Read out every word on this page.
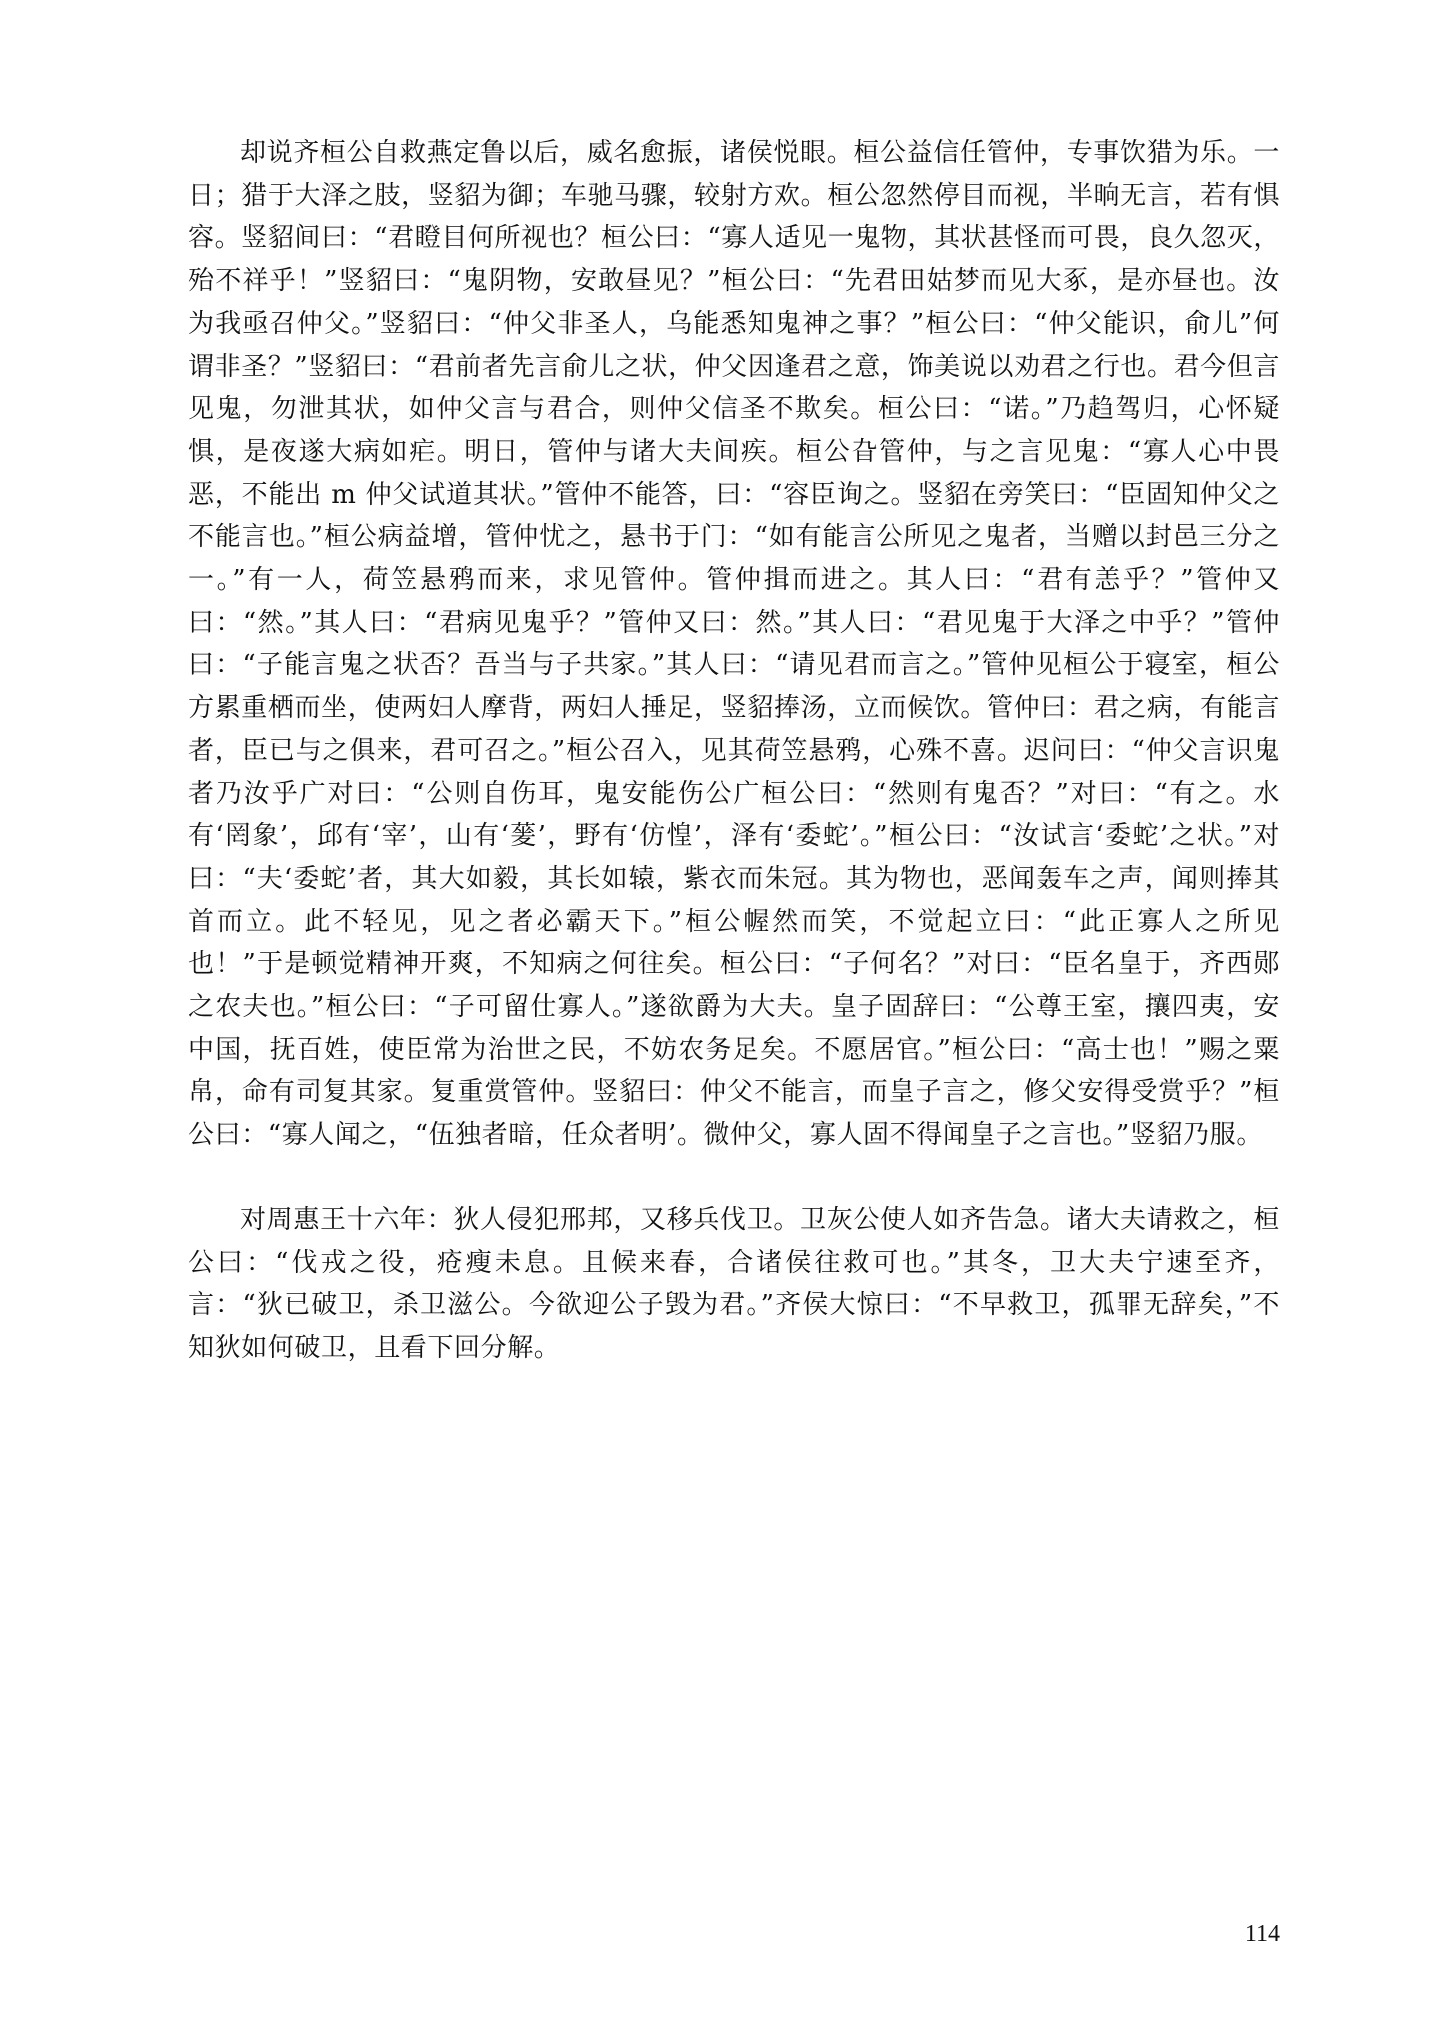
却说齐桓公自救燕定鲁以后，威名愈振，诸侯悦眼。桓公益信任管仲，专事饮猎为乐。一日；猎于大泽之肢，竖貂为御；车驰马骤，较射方欢。桓公忽然停目而视，半晌无言，若有惧容。竖貂间曰：“君瞪目何所视也？桓公曰：“寡人适见一鬼物，其状甚怪而可畏，良久忽灭，殆不祥乎！”竖貂曰：“鬼阴物，安敢昼见？”桓公曰：“先君田姑梦而见大豖，是亦昼也。汝为我亟召仲父。”竖貂曰：“仲父非圣人，乌能悉知鬼神之事？”桓公曰：“仲父能识，俞儿”何谓非圣？”竖貂曰：“君前者先言俞儿之状，仲父因逢君之意，饰美说以劝君之行也。君今但言见鬼，勿泄其状，如仲父言与君合，则仲父信圣不欺矣。桓公曰：“诺。”乃趋驾归，心怀疑惧，是夜遂大病如疟。明日，管仲与诸大夫间疾。桓公旮管仲，与之言见鬼：“寡人心中畏恶，不能出 m 仲父试道其状。”管仲不能答，曰：“容臣询之。竖貂在旁笑曰：“臣固知仲父之不能言也。”桓公病益增，管仲忧之，悬书于门：“如有能言公所见之鬼者，当赠以封邑三分之一。”有一人，荷笠悬鸦而来，求见管仲。管仲揖而进之。其人曰：“君有恙乎？”管仲又曰：“然。”其人曰：“君病见鬼乎？”管仲又曰：然。”其人曰：“君见鬼于大泽之中乎？”管仲曰：“子能言鬼之状否？吾当与子共家。”其人曰：“请见君而言之。”管仲见桓公于寝室，桓公方累重栖而坐，使两妇人摩背，两妇人捶足，竖貂捧汤，立而候饮。管仲曰：君之病，有能言者，臣已与之俱来，君可召之。”桓公召入，见其荷笠悬鸦，心殊不喜。迟问曰：“仲父言识鬼者乃汝乎广对曰：“公则自伤耳，鬼安能伤公广桓公曰：“然则有鬼否？”对曰：“有之。水有‘罔象’，邱有‘宰’，山有‘蓌’，野有‘仿惶’，泽有‘委蛇’。”桓公曰：“汝试言‘委蛇’之状。”对曰：“夫‘委蛇’者，其大如毅，其长如辕，紫衣而朱冠。其为物也，恶闻轰车之声，闻则捧其首而立。此不轻见，见之者必霸天下。”桓公幄然而笑，不觉起立曰：“此正寡人之所见也！”于是顿觉精神开爽，不知病之何往矣。桓公曰：“子何名？”对曰：“臣名皇于，齐西郧之农夫也。”桓公曰：“子可留仕寡人。”遂欲爵为大夫。皇子固辞曰：“公尊王室，攘四夷，安中国，抚百姓，使臣常为治世之民，不妨农务足矣。不愿居官。”桓公曰：“高士也！”赐之粟帛，命有司复其家。复重赏管仲。竖貂曰：仲父不能言，而皇子言之，修父安得受赏乎？”桓公曰：“寡人闻之，“伍独者暗，任众者明’。微仲父，寡人固不得闻皇子之言也。”竖貂乃服。

对周惠王十六年：狄人侵犯邢邦，又移兵伐卫。卫灰公使人如齐告急。诸大夫请救之，桓公曰：“伐戎之役，疮瘦未息。且候来春，合诸侯往救可也。”其冬，卫大夫宁速至齐，言：“狄已破卫，杀卫滋公。今欲迎公子毁为君。”齐侯大惊曰：“不早救卫，孤罪无辞矣，”不知狄如何破卫，且看下回分解。

114
